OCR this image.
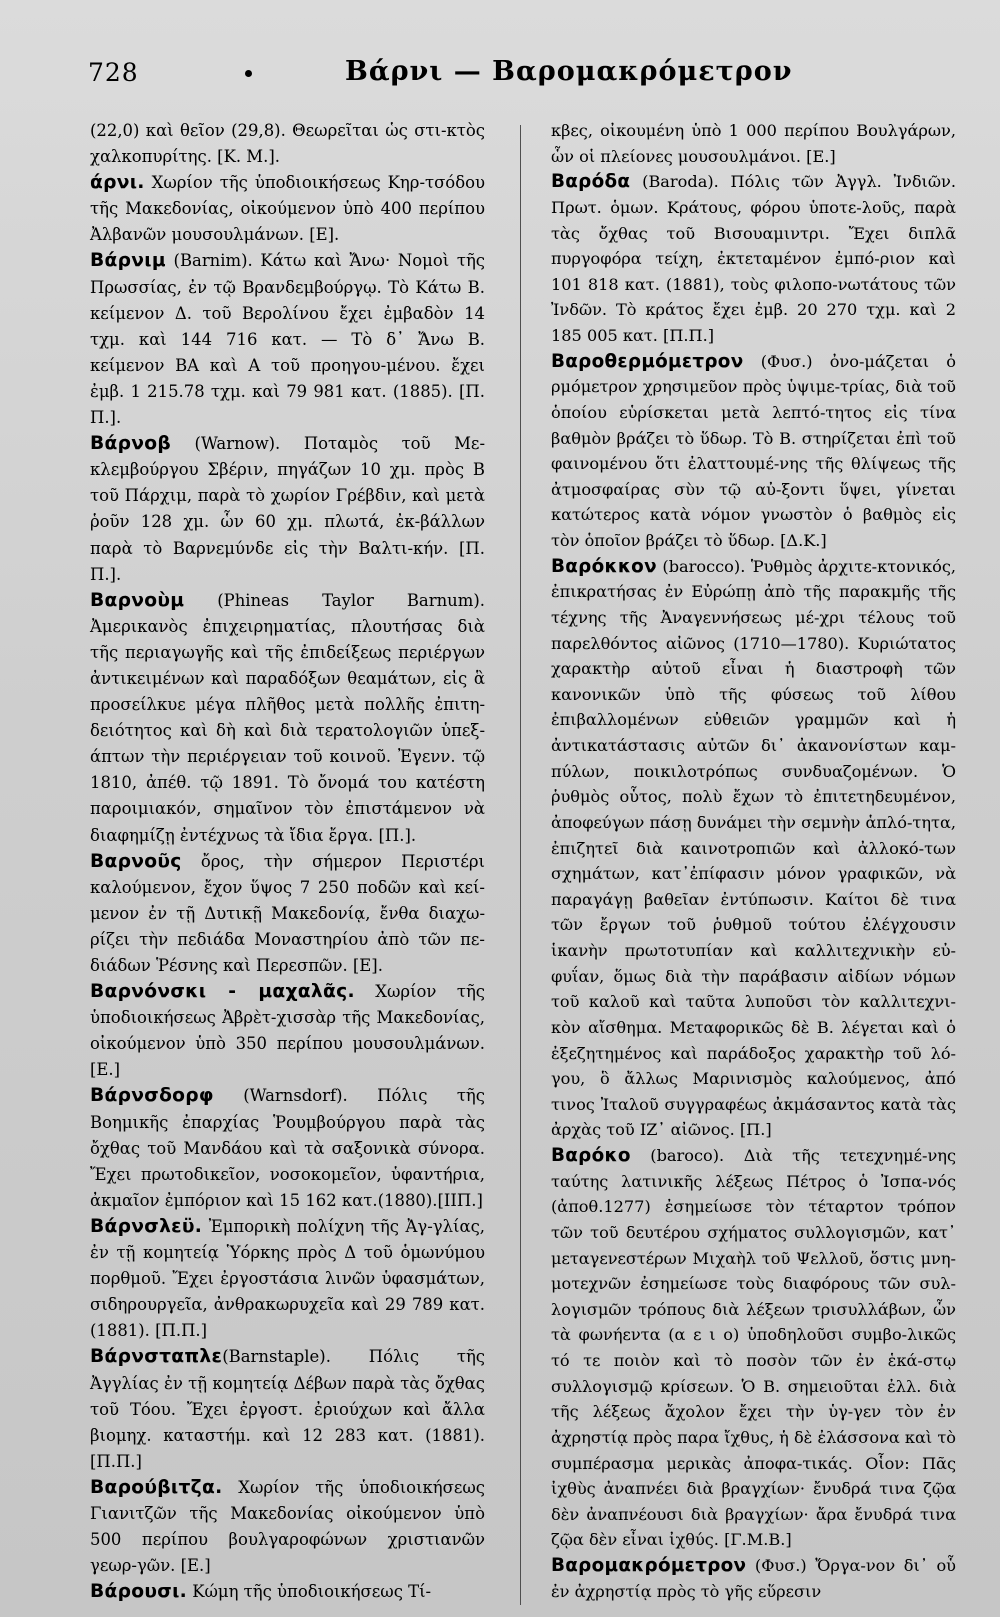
728	Βάρνι — Βαρομακρόμετρον

(22,0) καὶ θεῖον (29,8). Θεωρεῖται ὡς στι-κτὸς χαλκοπυρίτης. [Κ. Μ.].

άρνι. Χωρίον τῆς ὑποδιοικήσεως Κηρ-τσόδου τῆς Μακεδονίας, οἰκούμενον ὑπὸ 400 περίπου Ἀλβανῶν μουσουλμάνων. [Ε].

Βάρνιμ (Barnim). Κάτω καὶ Ἄνω· Νομοὶ τῆς Πρωσσίας, ἐν τῷ Βρανδεμβούργῳ. Τὸ Κάτω Β. κείμενον Δ. τοῦ Βερολίνου ἔχει ἐμβαδὸν 14 τχμ. καὶ 144 716 κατ. — Τὸ δ᾽ Ἄνω Β. κείμενον ΒΑ καὶ Α τοῦ προηγου-μένου. ἔχει ἐμβ. 1 215.78 τχμ. καὶ 79 981 κατ. (1885). [Π. Π.].

Βάρνοβ (Warnow). Ποταμὸς τοῦ Με-κλεμβούργου Σβέριν, πηγάζων 10 χμ. πρὸς Β τοῦ Πάρχιμ, παρὰ τὸ χωρίον Γρέβδιν, καὶ μετὰ ῥοῦν 128 χμ. ὧν 60 χμ. πλωτά, ἐκ-βάλλων παρὰ τὸ Βαρνεμύνδε εἰς τὴν Βαλτι-κήν. [Π. Π.].

Βαρνοὺμ (Phineas Taylor Barnum). Ἀμερικανὸς ἐπιχειρηματίας, πλουτήσας διὰ τῆς περιαγωγῆς καὶ τῆς ἐπιδείξεως περιέργων ἀντικειμένων καὶ παραδόξων θεαμάτων, εἰς ἃ προσείλκυε μέγα πλῆθος μετὰ πολλῆς ἐπιτη-δειότητος καὶ δὴ καὶ διὰ τερατολογιῶν ὑπεξ-άπτων τὴν περιέργειαν τοῦ κοινοῦ. Ἐγενν. τῷ 1810, ἀπέθ. τῷ 1891. Τὸ ὄνομά του κατέστη παροιμιακόν, σημαῖνον τὸν ἐπιστάμενον νὰ διαφημίζῃ ἐντέχνως τὰ ἴδια ἔργα. [Π.].

Βαρνοῦς ὄρος, τὴν σήμερον Περιστέρι καλούμενον, ἔχον ὕψος 7 250 ποδῶν καὶ κεί-μενον ἐν τῇ Δυτικῇ Μακεδονίᾳ, ἔνθα διαχω-ρίζει τὴν πεδιάδα Μοναστηρίου ἀπὸ τῶν πε-διάδων Ῥέσνης καὶ Περεσπῶν. [Ε].

Βαρνόνσκι - μαχαλᾶς. Χωρίον τῆς ὑποδιοικήσεως Ἀβρὲτ-χισσὰρ τῆς Μακεδονίας, οἰκούμενον ὑπὸ 350 περίπου μουσουλμάνων. [Ε.]

Βάρνσδορφ (Warnsdorf). Πόλις τῆς Βοημικῆς ἐπαρχίας Ῥουμβούργου παρὰ τὰς ὄχθας τοῦ Μανδάου καὶ τὰ σαξονικὰ σύνορα. Ἔχει πρωτοδικεῖον, νοσοκομεῖον, ὑφαντήρια, ἀκμαῖον ἐμπόριον καὶ 15 162 κατ.(1880).[ΙΙΠ.]

Βάρνσλεϋ. Ἐμπορικὴ πολίχνη τῆς Ἀγ-γλίας, ἐν τῇ κομητείᾳ Ὑόρκης πρὸς Δ τοῦ ὁμωνύμου πορθμοῦ. Ἔχει ἐργοστάσια λινῶν ὑφασμάτων, σιδηρουργεῖα, ἀνθρακωρυχεῖα καὶ 29 789 κατ. (1881). [Π.Π.]

Βάρνσταπλε(Barnstaple). Πόλις τῆς Ἀγγλίας ἐν τῇ κομητείᾳ Δέβων παρὰ τὰς ὄχθας τοῦ Τόου. Ἔχει ἐργοστ. ἐριούχων καὶ ἄλλα βιομηχ. καταστήμ. καὶ 12 283 κατ. (1881). [Π.Π.]

Βαρούβιτζα. Χωρίον τῆς ὑποδιοικήσεως Γιανιτζῶν τῆς Μακεδονίας οἰκούμενον ὑπὸ 500 περίπου βουλγαροφώνων χριστιανῶν γεωρ-γῶν. [Ε.]

Βάρουσι. Κώμη τῆς ὑποδιοικήσεως Τί-

κβες, οἰκουμένη ὑπὸ 1 000 περίπου Βουλγάρων, ὧν οἱ πλείονες μουσουλμάνοι. [Ε.]

Βαρόδα (Baroda). Πόλις τῶν Ἀγγλ. Ἰνδιῶν. Πρωτ. ὁμων. Κράτους, φόρου ὑποτε-λοῦς, παρὰ τὰς ὄχθας τοῦ Βισουαμιντρι. Ἔχει διπλᾶ πυργοφόρα τείχη, ἐκτεταμένον ἐμπό-ριον καὶ 101 818 κατ. (1881), τοὺς φιλοπο-νωτάτους τῶν Ἰνδῶν. Τὸ κράτος ἔχει ἐμβ. 20 270 τχμ. καὶ 2 185 005 κατ. [Π.Π.]

Βαροθερμόμετρον (Φυσ.) ὀνο-μάζεται ὁ ρμόμετρον χρησιμεῦον πρὸς ὑψιμε-τρίας, διὰ τοῦ ὁποίου εὑρίσκεται μετὰ λεπτό-τητος εἰς τίνα βαθμὸν βράζει τὸ ὕδωρ. Τὸ Β. στηρίζεται ἐπὶ τοῦ φαινομένου ὅτι ἐλαττουμέ-νης τῆς θλίψεως τῆς ἀτμοσφαίρας σὺν τῷ αὐ-ξοντι ὕψει, γίνεται κατώτερος κατὰ νόμον γνωστὸν ὁ βαθμὸς εἰς τὸν ὁποῖον βράζει τὸ ὕδωρ. [Δ.Κ.]

Βαρόκκον (barocco). Ῥυθμὸς ἀρχιτε-κτονικός, ἐπικρατήσας ἐν Εὐρώπῃ ἀπὸ τῆς παρακμῆς τῆς τέχνης τῆς Ἀναγεννήσεως μέ-χρι τέλους τοῦ παρελθόντος αἰῶνος (1710—1780). Κυριώτατος χαρακτὴρ αὐτοῦ εἶναι ἡ διαστροφὴ τῶν κανονικῶν ὑπὸ τῆς φύσεως τοῦ λίθου ἐπιβαλλομένων εὐθειῶν γραμμῶν καὶ ἡ ἀντικατάστασις αὐτῶν δι᾽ ἀκανονίστων καμ-πύλων, ποικιλοτρόπως συνδυαζομένων. Ὁ ῥυθμὸς οὗτος, πολὺ ἔχων τὸ ἐπιτετηδευμένον, ἀποφεύγων πάσῃ δυνάμει τὴν σεμνὴν ἁπλό-τητα, ἐπιζητεῖ διὰ καινοτροπιῶν καὶ ἀλλοκό-των σχημάτων, κατ᾽ἐπίφασιν μόνον γραφικῶν, νὰ παραγάγῃ βαθεῖαν ἐντύπωσιν. Καίτοι δὲ τινα τῶν ἔργων τοῦ ῥυθμοῦ τούτου ἐλέγχουσιν ἱκανὴν πρωτοτυπίαν καὶ καλλιτεχνικὴν εὐ-φυΐαν, ὅμως διὰ τὴν παράβασιν αἰδίων νόμων τοῦ καλοῦ καὶ ταῦτα λυποῦσι τὸν καλλιτεχνι-κὸν αἴσθημα. Μεταφορικῶς δὲ Β. λέγεται καὶ ὁ ἐξεζητημένος καὶ παράδοξος χαρακτὴρ τοῦ λό-γου, ὃ ἄλλως Μαρινισμὸς καλούμενος, ἀπό τινος Ἰταλοῦ συγγραφέως ἀκμάσαντος κατὰ τὰς ἀρχὰς τοῦ ΙΖ᾽ αἰῶνος. [Π.]

Βαρόκο (baroco). Διὰ τῆς τετεχνημέ-νης ταύτης λατινικῆς λέξεως Πέτρος ὁ Ἰσπα-νός (ἀποθ.1277) ἐσημείωσε τὸν τέταρτον τρόπον τῶν τοῦ δευτέρου σχήματος συλλογισμῶν, κατ᾽ μεταγενεστέρων Μιχαὴλ τοῦ Ψελλοῦ, ὅστις μνη-μοτεχνῶν ἐσημείωσε τοὺς διαφόρους τῶν συλ-λογισμῶν τρόπους διὰ λέξεων τρισυλλάβων, ὧν τὰ φωνήεντα (α ε ι ο) ὑποδηλοῦσι συμβο-λικῶς τό τε ποιὸν καὶ τὸ ποσὸν τῶν ἐν ἑκά-στῳ συλλογισμῷ κρίσεων. Ὁ Β. σημειοῦται ἐλλ. διὰ τῆς λέξεως ἄχολον ἔχει τὴν ὑγ-γεν τὸν ἐν ἀχρηστίᾳ πρὸς παρα ἴχθυς, ἡ δὲ ἐλάσσονα καὶ τὸ συμπέρασμα μερικὰς ἀποφα-τικάς. Οἷον: Πᾶς ἰχθὺς ἀναπνέει διὰ βραγχίων· ἔνυδρά τινα ζῷα δὲν ἀναπνέουσι διὰ βραγχίων· ἄρα ἔνυδρά τινα ζῷα δὲν εἶναι ἰχθύς. [Γ.Μ.Β.]

Βαρομακρόμετρον (Φυσ.) Ὄργα-νον δι᾽ οὗ ἐν ἀχρηστίᾳ πρὸς τὸ γῆς εὕρεσιν
